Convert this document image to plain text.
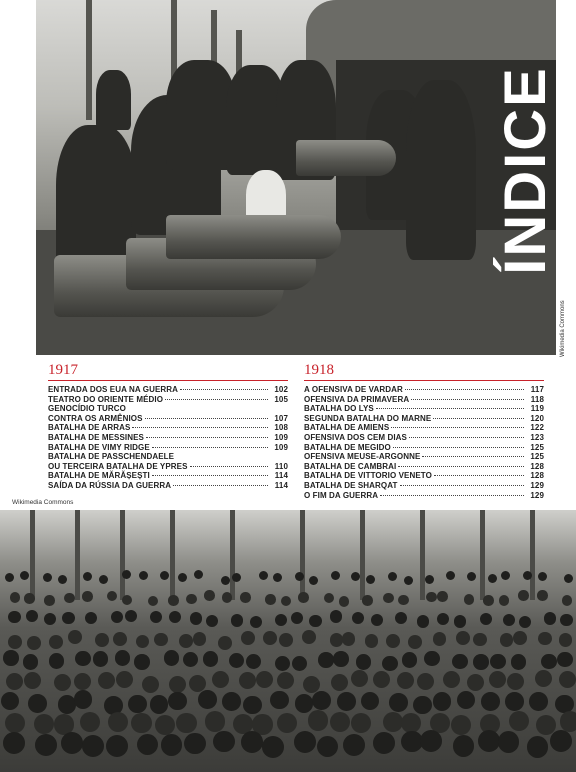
ÍNDICE
Wikimedia Commons
1917
ENTRADA DOS EUA NA GUERRA	102
TEATRO DO ORIENTE MÉDIO	105
GENOCÍDIO TURCO
CONTRA OS ARMÊNIOS	107
BATALHA DE ARRAS	108
BATALHA DE MESSINES	109
BATALHA DE VIMY RIDGE	109
BATALHA DE PASSCHENDAELE
OU TERCEIRA BATALHA DE YPRES	110
BATALHA DE MĂRĂȘEȘTI	114
SAÍDA DA RÚSSIA DA GUERRA	114
1918
A OFENSIVA DE VARDAR	117
OFENSIVA DA PRIMAVERA	118
BATALHA DO LYS	119
SEGUNDA BATALHA DO MARNE	120
BATALHA DE AMIENS	122
OFENSIVA DOS CEM DIAS	123
BATALHA DE MEGIDO	125
OFENSIVA MEUSE-ARGONNE	125
BATALHA DE CAMBRAI	128
BATALHA DE VITTORIO VENETO	128
BATALHA DE SHARQAT	129
O FIM DA GUERRA	129
Wikimedia Commons
